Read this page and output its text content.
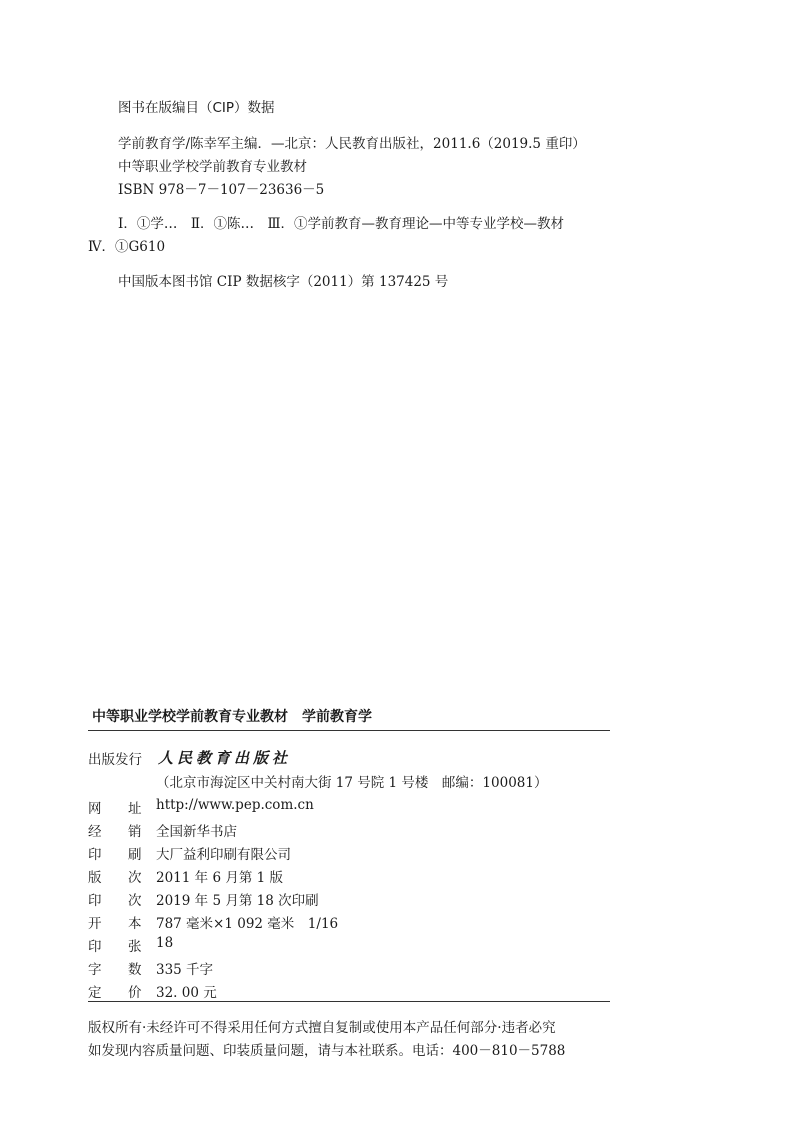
图书在版编目（CIP）数据
学前教育学/陈幸军主编．—北京：人民教育出版社，2011.6（2019.5 重印）
中等职业学校学前教育专业教材
ISBN 978－7－107－23636－5
Ⅰ．①学…　Ⅱ．①陈…　Ⅲ．①学前教育—教育理论—中等专业学校—教材
Ⅳ．①G610
中国版本图书馆 CIP 数据核字（2011）第 137425 号
中等职业学校学前教育专业教材　学前教育学
出版发行 人民教育出版社
（北京市海淀区中关村南大街 17 号院 1 号楼　邮编：100081）
网 址 http://www.pep.com.cn
经 销 全国新华书店
印 刷 大厂益利印刷有限公司
版 次 2011 年 6 月第 1 版
印 次 2019 年 5 月第 18 次印刷
开 本 787 毫米×1 092 毫米　1/16
印 张 18
字 数 335 千字
定 价 32. 00 元
版权所有·未经许可不得采用任何方式擅自复制或使用本产品任何部分·违者必究
如发现内容质量问题、印装质量问题，请与本社联系。电话：400－810－5788
